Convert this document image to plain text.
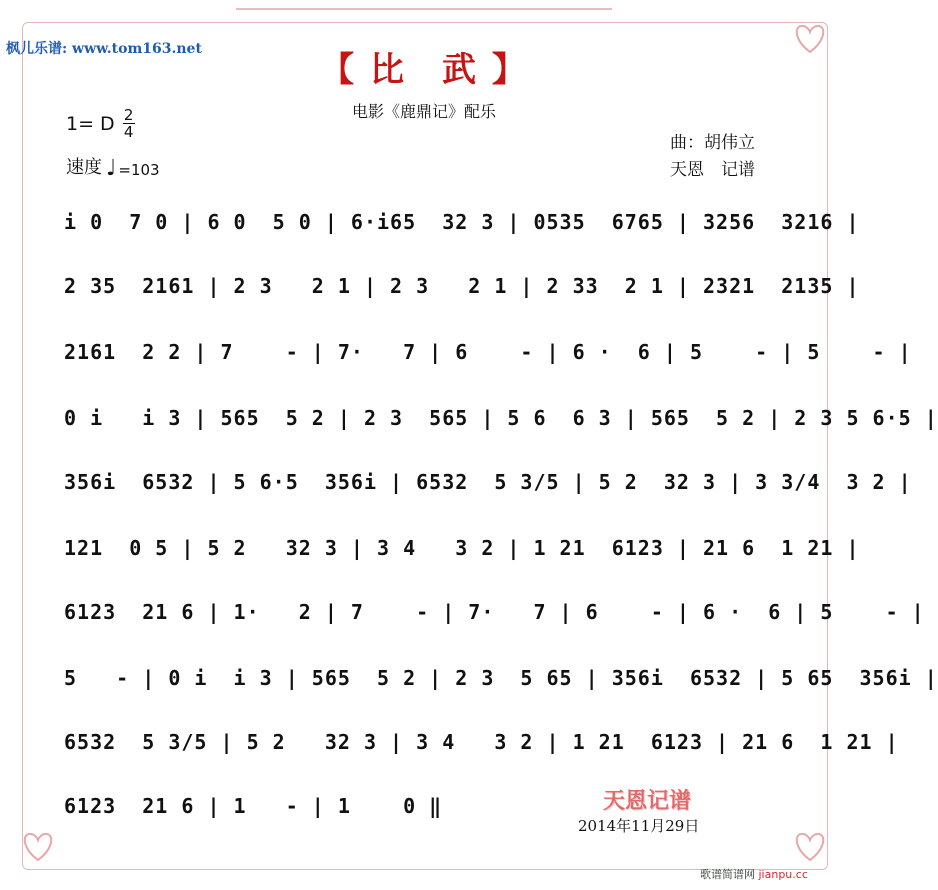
枫儿乐谱: www.tom163.net
【 比　武 】
电影《鹿鼎记》配乐
1= D $\frac{2}{4}$
速度 ♩ =103
曲：胡伟立
天恩　记谱
i 0  7 0 | 6 0  5 0 | 6·i65  32 3 | 0535  6765 | 3256  3216 |
2 35  2161 | 2 3   2 1 | 2 3   2 1 | 2 33  2 1 | 2321  2135 |
2161  2 2 | 7    - | 7·   7 | 6    - | 6 ·  6 | 5    - | 5    - |
0 i   i 3 | 565  5 2 | 2 3  565 | 5 6  6 3 | 565  5 2 | 2 3 5 6·5 |
356i  6532 | 5 6·5  356i | 6532  5 3/5 | 5 2  32 3 | 3 3/4  3 2 |
121  0 5 | 5 2   32 3 | 3 4   3 2 | 1 21  6123 | 21 6  1 21 |
6123  21 6 | 1·   2 | 7    - | 7·   7 | 6    - | 6 ·  6 | 5    - |
5   - | 0 i  i 3 | 565  5 2 | 2 3  5 65 | 356i  6532 | 5 65  356i |
6532  5 3/5 | 5 2   32 3 | 3 4   3 2 | 1 21  6123 | 21 6  1 21 |
6123  21 6 | 1   - | 1    0 ‖	天恩记谱
2014年11月29日
歌谱简谱网 jianpu.cc
